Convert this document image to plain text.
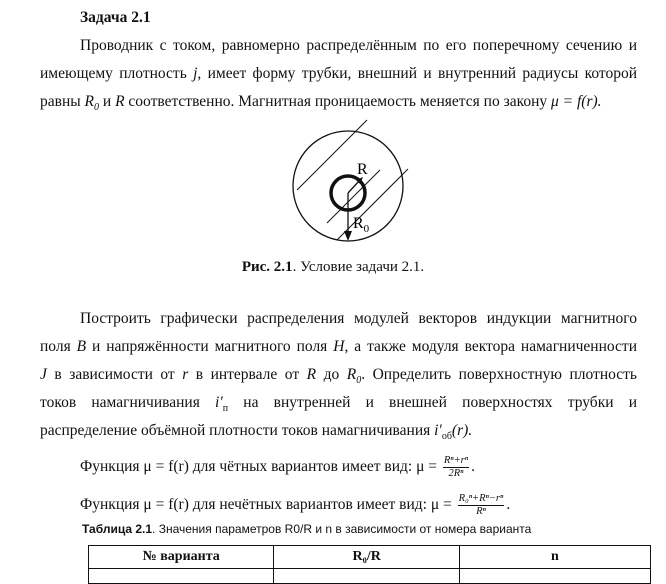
Задача 2.1
Проводник с током, равномерно распределённым по его поперечному сечению и
имеющему плотность j, имеет форму трубки, внешний и внутренний радиусы которой
равны $R_0$ и R соответственно. Магнитная проницаемость меняется по закону μ = f(r).
R
$R_0$
Рис. 2.1. Условие задачи 2.1.
Построить графически распределения модулей векторов индукции магнитного
поля B и напряжённости магнитного поля H, а также модуля вектора намагниченности
J в зависимости от r в интервале от R до $R_0$. Определить поверхностную плотность
токов намагничивания $i'_п$ на внутренней и внешней поверхностях трубки и
распределение объёмной плотности токов намагничивания $i'_{об}(r)$.
Функция μ = f(r) для чётных вариантов имеет вид: $\mu = \frac{\text{Rⁿ+rⁿ}}{\text{2Rⁿ}}$ .
Функция μ = f(r) для нечётных вариантов имеет вид: $\mu = \frac{\text{R₀ⁿ+Rⁿ−rⁿ}}{\text{Rⁿ}}$ .
Таблица 2.1. Значения параметров R0/R и n в зависимости от номера варианта
№ варианта	R₀/R	n
